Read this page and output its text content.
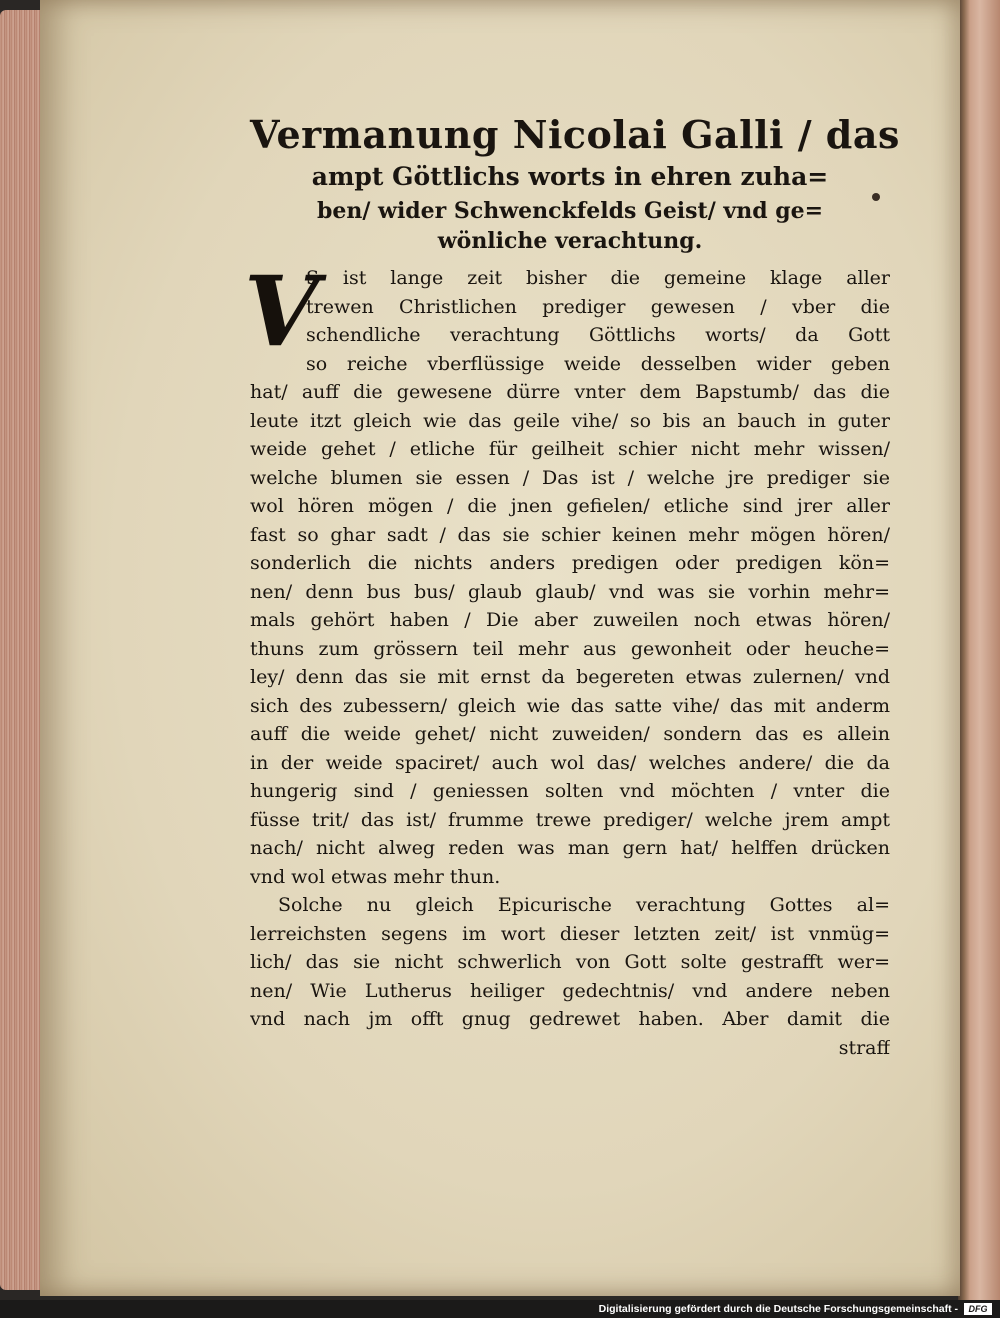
Vermanung Nicolai Galli / das

ampt Göttlichs worts in ehren zuha=

ben/ wider Schwenckfelds Geist/ vnd ge=

wönliche verachtung.

V
S ist lange zeit bisher die gemeine klage aller
trewen Christlichen prediger gewesen / vber die
schendliche verachtung Göttlichs worts/ da Gott
so reiche vberflüssige weide desselben wider geben
hat/ auff die gewesene dürre vnter dem Bapstumb/ das die
leute itzt gleich wie das geile vihe/ so bis an bauch in guter
weide gehet / etliche für geilheit schier nicht mehr wissen/
welche blumen sie essen / Das ist / welche jre prediger sie
wol hören mögen / die jnen gefielen/ etliche sind jrer aller
fast so ghar sadt / das sie schier keinen mehr mögen hören/
sonderlich die nichts anders predigen oder predigen kön=
nen/ denn bus bus/ glaub glaub/ vnd was sie vorhin mehr=
mals gehört haben / Die aber zuweilen noch etwas hören/
thuns zum grössern teil mehr aus gewonheit oder heuche=
ley/ denn das sie mit ernst da begereten etwas zulernen/ vnd
sich des zubessern/ gleich wie das satte vihe/ das mit anderm
auff die weide gehet/ nicht zuweiden/ sondern das es allein
in der weide spaciret/ auch wol das/ welches andere/ die da
hungerig sind / geniessen solten vnd möchten / vnter die
füsse trit/ das ist/ frumme trewe prediger/ welche jrem ampt
nach/ nicht alweg reden was man gern hat/ helffen drücken
vnd wol etwas mehr thun.
Solche nu gleich Epicurische verachtung Gottes al=
lerreichsten segens im wort dieser letzten zeit/ ist vnmüg=
lich/ das sie nicht schwerlich von Gott solte gestrafft wer=
nen/ Wie Lutherus heiliger gedechtnis/ vnd andere neben
vnd nach jm offt gnug gedrewet haben. Aber damit die
straff
Digitalisierung gefördert durch die Deutsche Forschungsgemeinschaft -	DFG
